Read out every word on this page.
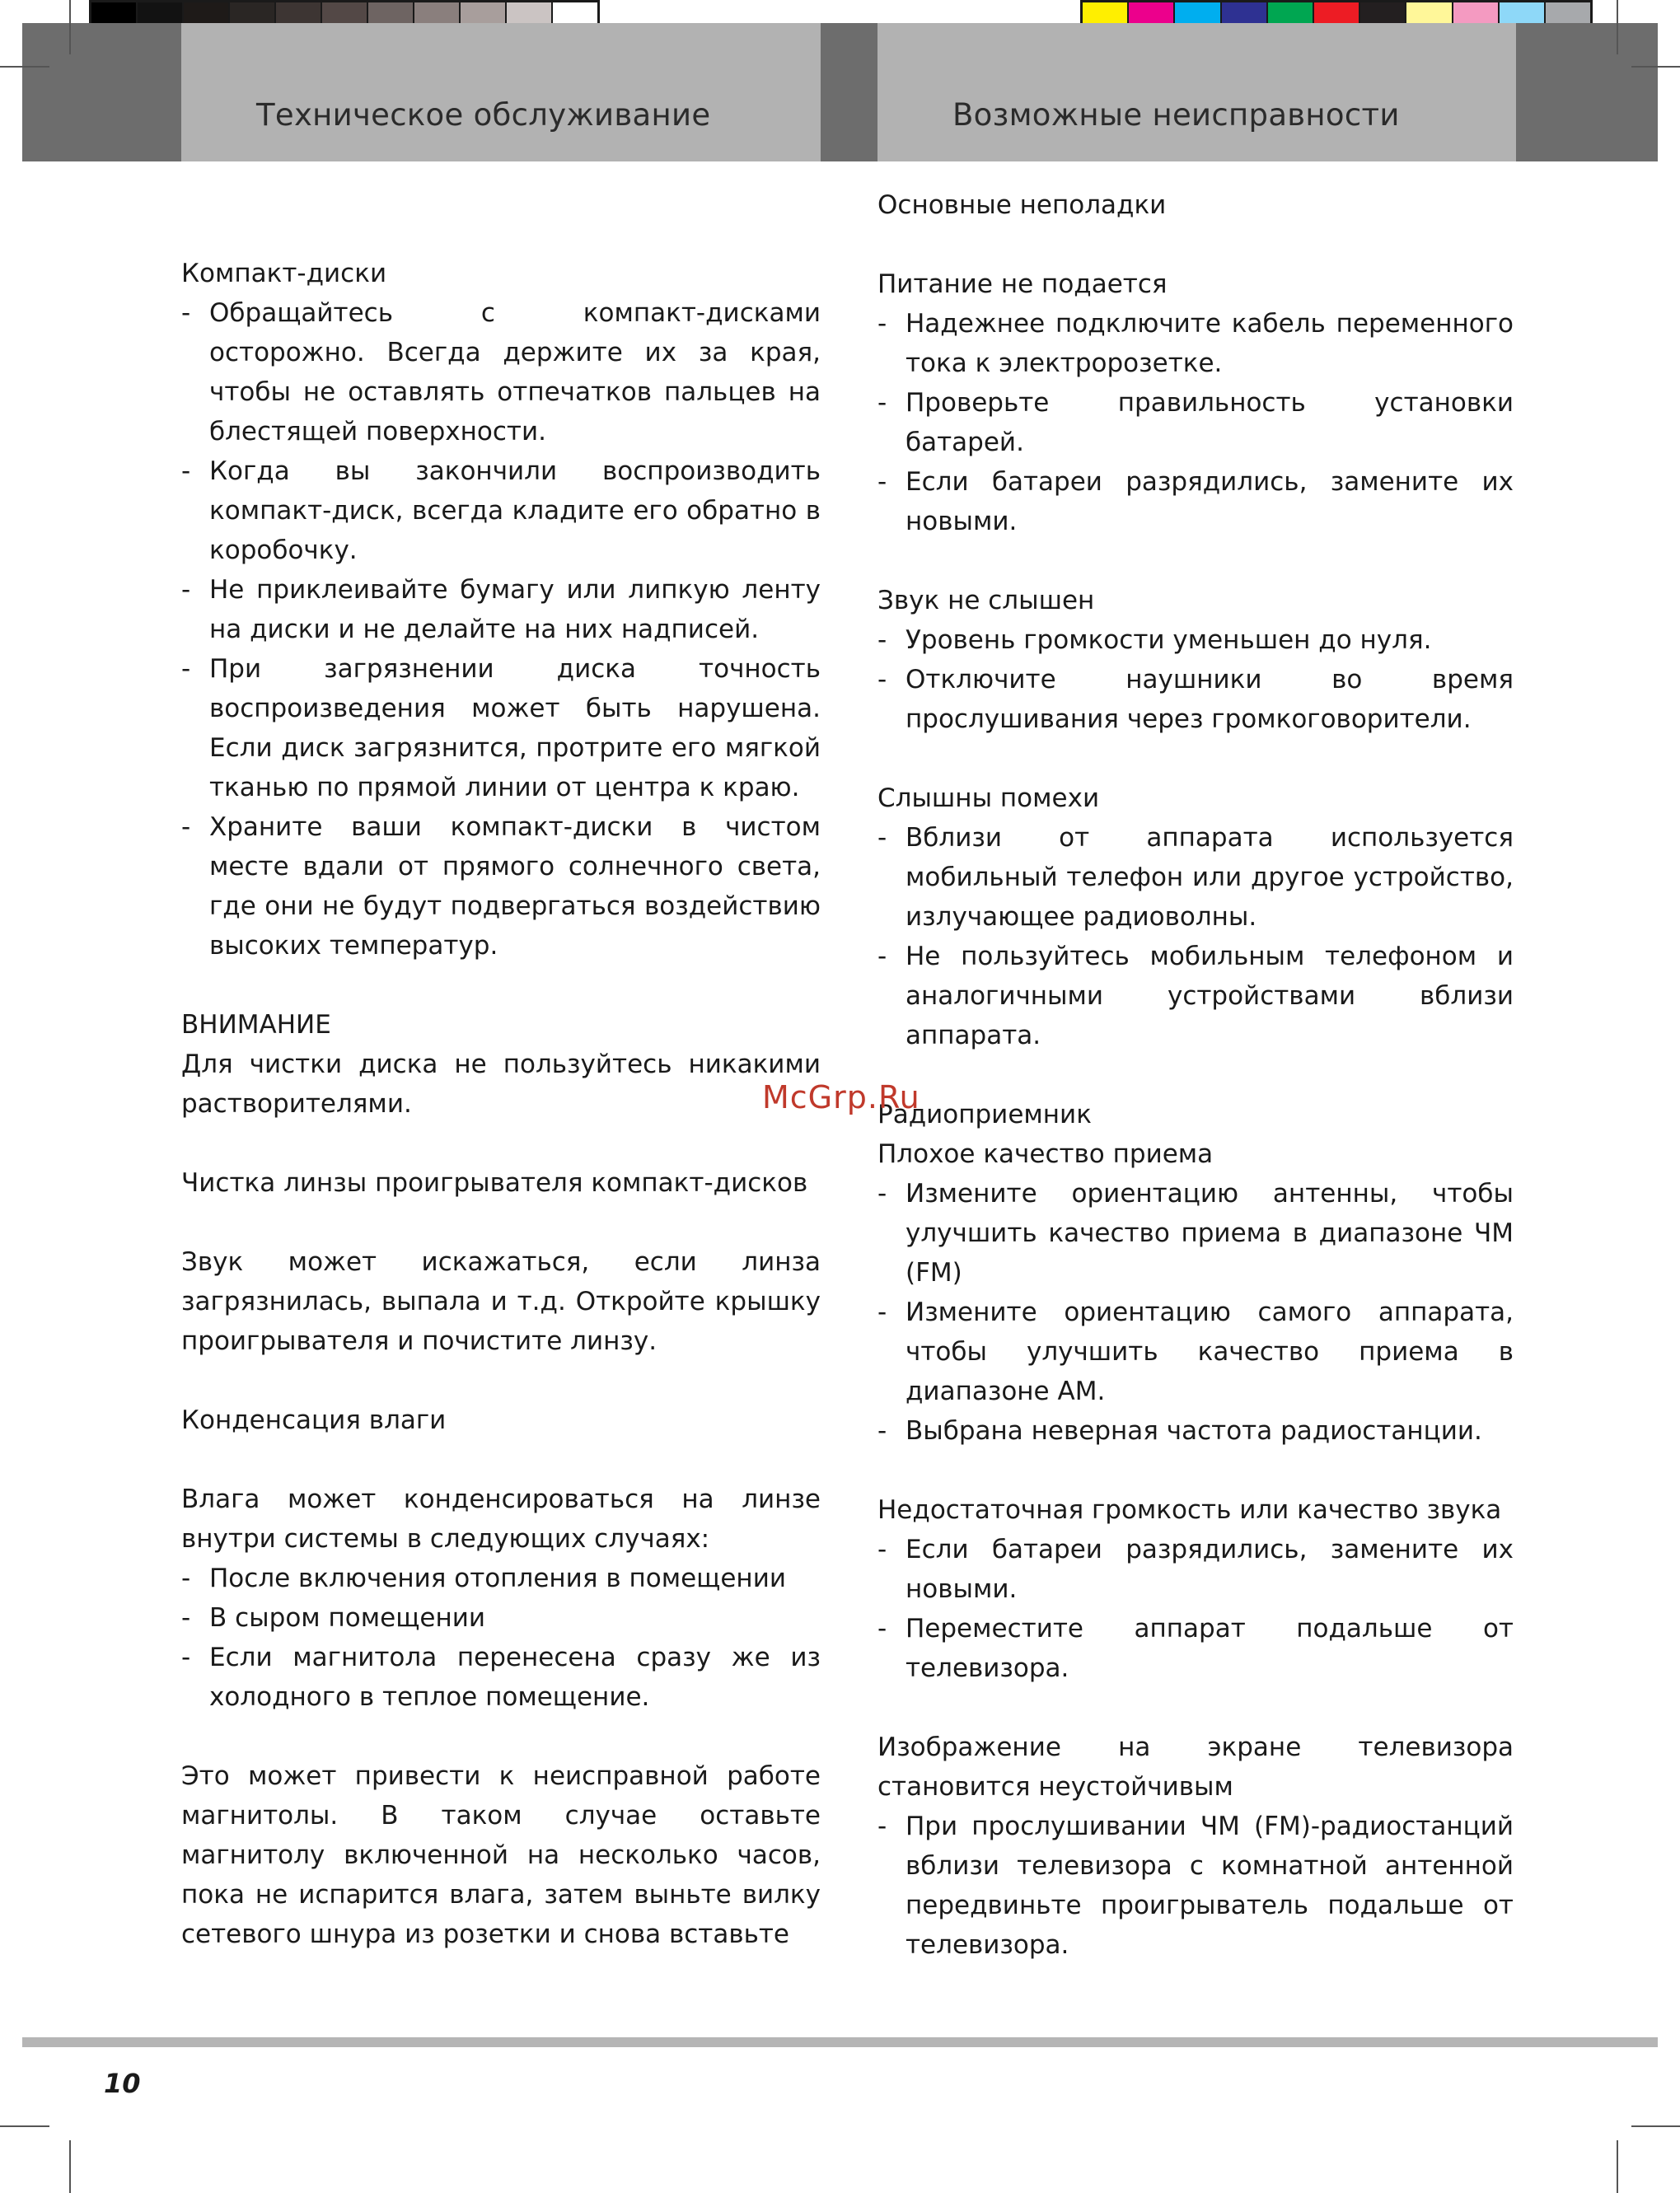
Техническое обслуживание	Возможные неисправности

Компакт-диски

- Обращайтесь с компакт-дисками осторожно. Всегда держите их за края, чтобы не оставлять отпечатков пальцев на блестящей поверхности.
- Когда вы закончили воспроизводить компакт-диск, всегда кладите его обратно в коробочку.
- Не приклеивайте бумагу или липкую ленту на диски и не делайте на них надписей.
- При загрязнении диска точность воспроизведения может быть нарушена. Если диск загрязнится, протрите его мягкой тканью по прямой линии от центра к краю.
- Храните ваши компакт-диски в чистом месте вдали от прямого солнечного света, где они не будут подвергаться воздействию высоких температур.

ВНИМАНИЕ

Для чистки диска не пользуйтесь никакими растворителями.

Чистка линзы проигрывателя компакт-дисков

Звук может искажаться, если линза загрязнилась, выпала и т.д. Откройте крышку проигрывателя и почистите линзу.

Конденсация влаги

Влага может конденсироваться на линзе внутри системы в следующих случаях:

- После включения отопления в помещении
- В сыром помещении
- Если магнитола перенесена сразу же из холодного в теплое помещение.

Это может привести к неисправной работе магнитолы. В таком случае оставьте магнитолу включенной на несколько часов, пока не испарится влага, затем выньте вилку сетевого шнура из розетки и снова вставьте

Основные неполадки

Питание не подается

- Надежнее подключите кабель переменного тока к электророзетке.
- Проверьте правильность установки батарей.
- Если батареи разрядились, замените их новыми.

Звук не слышен

- Уровень громкости уменьшен до нуля.
- Отключите наушники во время прослушивания через громкоговорители.

Слышны помехи

- Вблизи от аппарата используется мобильный телефон или другое устройство, излучающее радиоволны.
- Не пользуйтесь мобильным телефоном и аналогичными устройствами вблизи аппарата.

Радиоприемник

Плохое качество приема

- Измените ориентацию антенны, чтобы улучшить качество приема в диапазоне ЧМ (FM)
- Измените ориентацию самого аппарата, чтобы улучшить качество приема в диапазоне АМ.
- Выбрана неверная частота радиостанции.

Недостаточная громкость или качество звука

- Если батареи разрядились, замените их новыми.
- Переместите аппарат подальше от телевизора.

Изображение на экране телевизора становится неустойчивым

- При прослушивании ЧМ (FM)-радиостанций вблизи телевизора с комнатной антенной передвиньте проигрыватель подальше от телевизора.
McGrp.Ru
10
